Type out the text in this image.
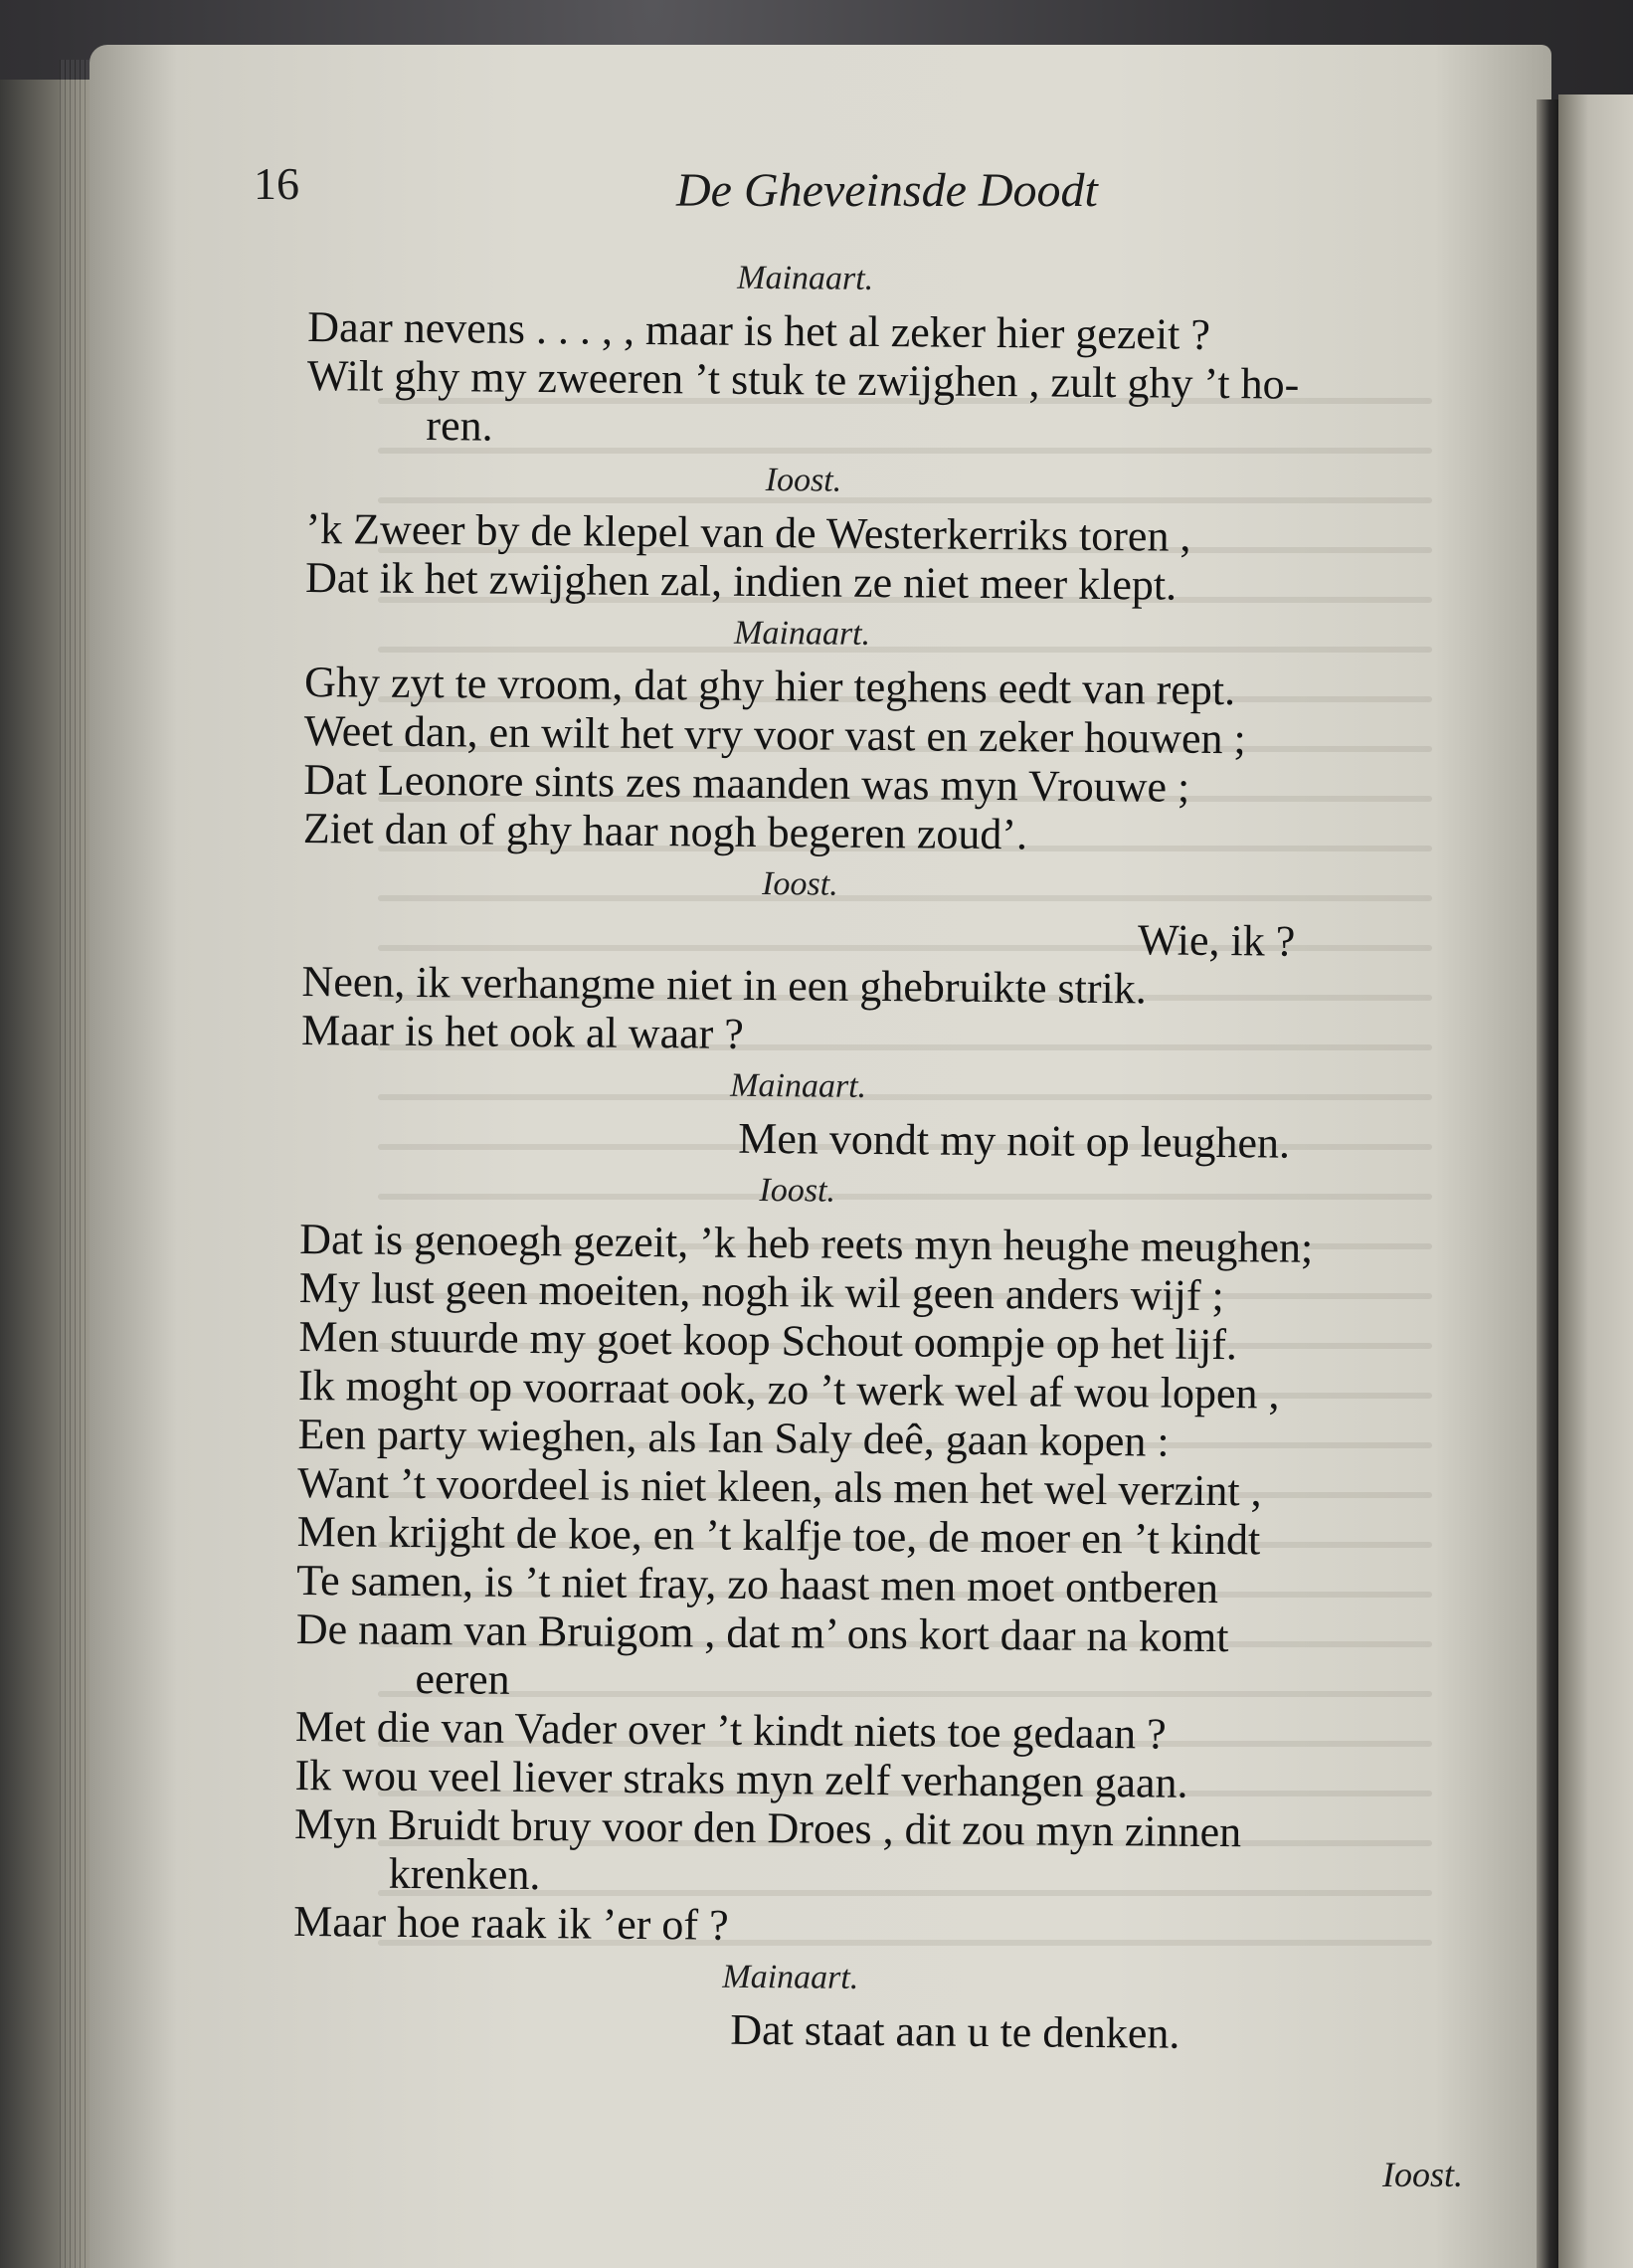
16	De Gheveinsde Doodt
Mainaart.
Daar nevens . . . , , maar is het al zeker hier gezeit ?
Wilt ghy my zweeren ’t stuk te zwijghen , zult ghy ’t ho-
ren.
Ioost.
’k Zweer by de klepel van de Westerkerriks toren ,
Dat ik het zwijghen zal, indien ze niet meer klept.
Mainaart.
Ghy zyt te vroom, dat ghy hier teghens eedt van rept.
Weet dan, en wilt het vry voor vast en zeker houwen ;
Dat Leonore sints zes maanden was myn Vrouwe ;
Ziet dan of ghy haar nogh begeren zoud’.
Ioost.
Wie, ik ?
Neen, ik verhangme niet in een ghebruikte strik.
Maar is het ook al waar ?
Mainaart.
Men vondt my noit op leughen.
Ioost.
Dat is genoegh gezeit, ’k heb reets myn heughe meughen;
My lust geen moeiten, nogh ik wil geen anders wijf ;
Men stuurde my goet koop Schout oompje op het lijf.
Ik moght op voorraat ook, zo ’t werk wel af wou lopen ,
Een party wieghen, als Ian Saly deê, gaan kopen :
Want ’t voordeel is niet kleen, als men het wel verzint ,
Men krijght de koe, en ’t kalfje toe, de moer en ’t kindt
Te samen, is ’t niet fray, zo haast men moet ontberen
De naam van Bruigom , dat m’ ons kort daar na komt
eeren
Met die van Vader over ’t kindt niets toe gedaan ?
Ik wou veel liever straks myn zelf verhangen gaan.
Myn Bruidt bruy voor den Droes , dit zou myn zinnen
krenken.
Maar hoe raak ik ’er of ?
Mainaart.
Dat staat aan u te denken.
Ioost.
